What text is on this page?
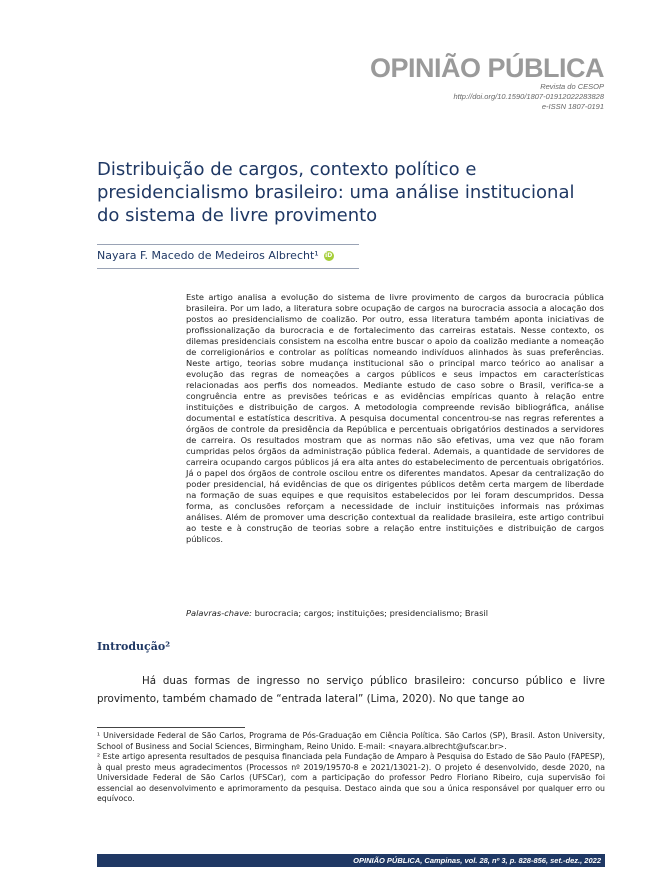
OPINIÃO PÚBLICA
Revista do CESOP
http://doi.org/10.1590/1807-01912022283828
e-ISSN 1807-0191
Distribuição de cargos, contexto político e presidencialismo brasileiro: uma análise institucional do sistema de livre provimento
Nayara F. Macedo de Medeiros Albrecht¹ iD

Este artigo analisa a evolução do sistema de livre provimento de cargos da burocracia pública brasileira. Por um lado, a literatura sobre ocupação de cargos na burocracia associa a alocação dos postos ao presidencialismo de coalizão. Por outro, essa literatura também aponta iniciativas de profissionalização da burocracia e de fortalecimento das carreiras estatais. Nesse contexto, os dilemas presidenciais consistem na escolha entre buscar o apoio da coalizão mediante a nomeação de correligionários e controlar as políticas nomeando indivíduos alinhados às suas preferências. Neste artigo, teorias sobre mudança institucional são o principal marco teórico ao analisar a evolução das regras de nomeações a cargos públicos e seus impactos em características relacionadas aos perfis dos nomeados. Mediante estudo de caso sobre o Brasil, verifica-se a congruência entre as previsões teóricas e as evidências empíricas quanto à relação entre instituições e distribuição de cargos. A metodologia compreende revisão bibliográfica, análise documental e estatística descritiva. A pesquisa documental concentrou-se nas regras referentes a órgãos de controle da presidência da República e percentuais obrigatórios destinados a servidores de carreira. Os resultados mostram que as normas não são efetivas, uma vez que não foram cumpridas pelos órgãos da administração pública federal. Ademais, a quantidade de servidores de carreira ocupando cargos públicos já era alta antes do estabelecimento de percentuais obrigatórios. Já o papel dos órgãos de controle oscilou entre os diferentes mandatos. Apesar da centralização do poder presidencial, há evidências de que os dirigentes públicos detêm certa margem de liberdade na formação de suas equipes e que requisitos estabelecidos por lei foram descumpridos. Dessa forma, as conclusões reforçam a necessidade de incluir instituições informais nas próximas análises. Além de promover uma descrição contextual da realidade brasileira, este artigo contribui ao teste e à construção de teorias sobre a relação entre instituições e distribuição de cargos públicos.

Palavras-chave: burocracia; cargos; instituições; presidencialismo; Brasil
Introdução²

Há duas formas de ingresso no serviço público brasileiro: concurso público e livre provimento, também chamado de “entrada lateral” (Lima, 2020). No que tange ao

¹ Universidade Federal de São Carlos, Programa de Pós-Graduação em Ciência Política. São Carlos (SP), Brasil. Aston University, School of Business and Social Sciences, Birmingham, Reino Unido. E-mail: <nayara.albrecht@ufscar.br>.

² Este artigo apresenta resultados de pesquisa financiada pela Fundação de Amparo à Pesquisa do Estado de São Paulo (FAPESP), à qual presto meus agradecimentos (Processos nº 2019/19570-8 e 2021/13021-2). O projeto é desenvolvido, desde 2020, na Universidade Federal de São Carlos (UFSCar), com a participação do professor Pedro Floriano Ribeiro, cuja supervisão foi essencial ao desenvolvimento e aprimoramento da pesquisa. Destaco ainda que sou a única responsável por qualquer erro ou equívoco.

OPINIÃO PÚBLICA, Campinas, vol. 28, nº 3, p. 828-856, set.-dez., 2022
